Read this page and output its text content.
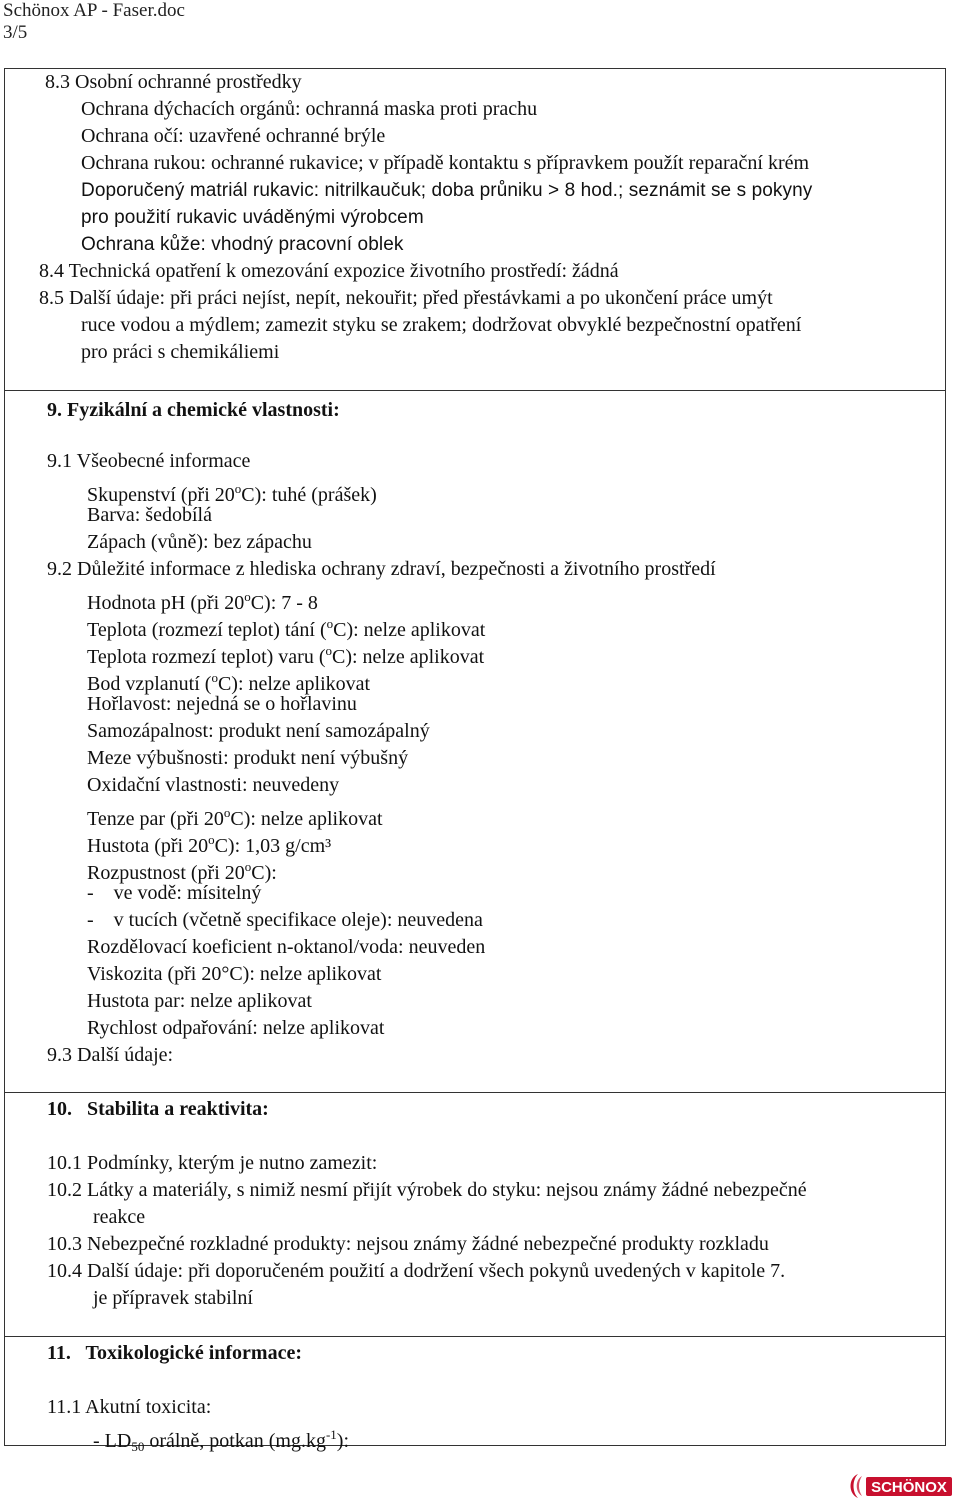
Schönox AP - Faser.doc
3/5
8.3 Osobní ochranné prostředky
Ochrana dýchacích orgánů: ochranná maska proti prachu
Ochrana očí: uzavřené ochranné brýle
Ochrana rukou: ochranné rukavice; v případě kontaktu s přípravkem použít reparační krém
Doporučený matriál rukavic: nitrilkaučuk; doba průniku > 8 hod.; seznámit se s pokyny
pro použití rukavic uváděnými výrobcem
Ochrana kůže: vhodný pracovní oblek
8.4 Technická opatření k omezování expozice životního prostředí: žádná
8.5 Další údaje: při práci nejíst, nepít, nekouřit; před přestávkami a po ukončení práce umýt
ruce vodou a mýdlem; zamezit styku se zrakem; dodržovat obvyklé bezpečnostní opatření
pro práci s chemikáliemi
9. Fyzikální a chemické vlastnosti:
9.1 Všeobecné informace
Skupenství (při 20$^o$C): tuhé (prášek)
Barva: šedobílá
Zápach (vůně): bez zápachu
9.2 Důležité informace z hlediska ochrany zdraví, bezpečnosti a životního prostředí
Hodnota pH (při 20$^o$C): 7 - 8
Teplota (rozmezí teplot) tání ($^o$C): nelze aplikovat
Teplota rozmezí teplot) varu ($^o$C): nelze aplikovat
Bod vzplanutí ($^o$C): nelze aplikovat
Hořlavost: nejedná se o hořlavinu
Samozápalnost: produkt není samozápalný
Meze výbušnosti: produkt není výbušný
Oxidační vlastnosti: neuvedeny
Tenze par (při 20$^o$C): nelze aplikovat
Hustota (při 20$^o$C): 1,03 g/cm³
Rozpustnost (při 20$^o$C):
-    ve vodě: mísitelný
-    v tucích (včetně specifikace oleje): neuvedena
Rozdělovací koeficient n-oktanol/voda: neuveden
Viskozita (při 20°C): nelze aplikovat
Hustota par: nelze aplikovat
Rychlost odpařování: nelze aplikovat
9.3 Další údaje:
10.   Stabilita a reaktivita:
10.1 Podmínky, kterým je nutno zamezit:
10.2 Látky a materiály, s nimiž nesmí přijít výrobek do styku: nejsou známy žádné nebezpečné
reakce
10.3 Nebezpečné rozkladné produkty: nejsou známy žádné nebezpečné produkty rozkladu
10.4 Další údaje: při doporučeném použití a dodržení všech pokynů uvedených v kapitole 7.
je přípravek stabilní
11.   Toxikologické informace:
11.1 Akutní toxicita:
- $LD_{50}$ orálně, potkan $(mg.kg^{-1})$:
SCHÖNOX
